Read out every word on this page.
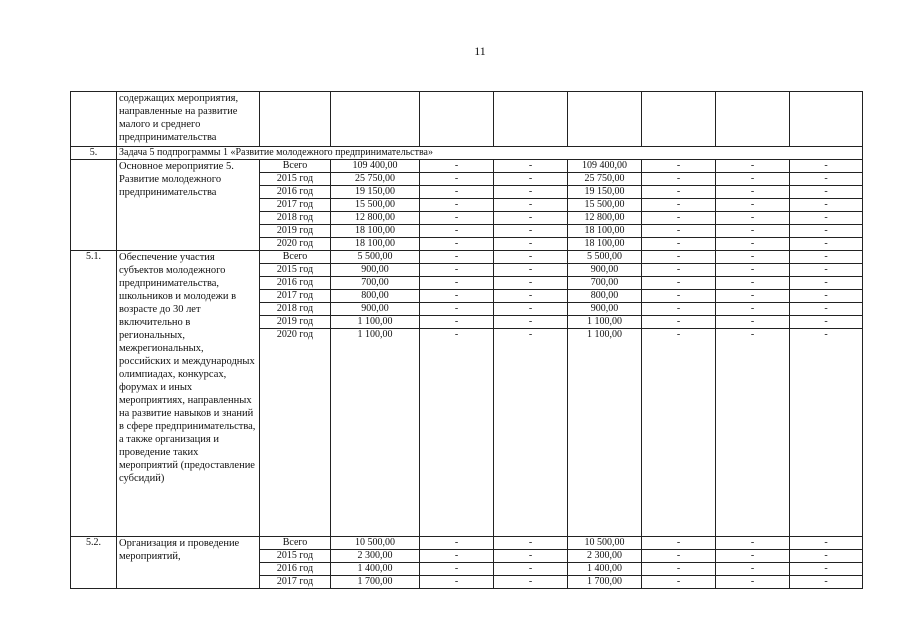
11
	содержащих мероприятия, направленные на развитие малого и среднего предпринимательства								
5.	Задача 5 подпрограммы 1 «Развитие молодежного предпринимательства»								
	Основное мероприятие 5. Развитие молодежного предпринимательства	Всего	109 400,00	-	-	109 400,00	-	-	-
		2015 год	25 750,00	-	-	25 750,00	-	-	-
		2016 год	19 150,00	-	-	19 150,00	-	-	-
		2017 год	15 500,00	-	-	15 500,00	-	-	-
		2018 год	12 800,00	-	-	12 800,00	-	-	-
		2019 год	18 100,00	-	-	18 100,00	-	-	-
		2020 год	18 100,00	-	-	18 100,00	-	-	-
5.1.	Обеспечение участия субъектов молодежного предпринимательства, школьников и молодежи в возрасте до 30 лет включительно в региональных, межрегиональных, российских и международных олимпиадах, конкурсах, форумах и иных мероприятиях, направленных на развитие навыков и знаний в сфере предпринимательства, а также организация и проведение таких мероприятий (предоставление субсидий)	Всего	5 500,00	-	-	5 500,00	-	-	-
		2015 год	900,00	-	-	900,00	-	-	-
		2016 год	700,00	-	-	700,00	-	-	-
		2017 год	800,00	-	-	800,00	-	-	-
		2018 год	900,00	-	-	900,00	-	-	-
		2019 год	1 100,00	-	-	1 100,00	-	-	-
		2020 год	1 100,00	-	-	1 100,00	-	-	-
5.2.	Организация и проведение мероприятий,	Всего	10 500,00	-	-	10 500,00	-	-	-
		2015 год	2 300,00	-	-	2 300,00	-	-	-
		2016 год	1 400,00	-	-	1 400,00	-	-	-
		2017 год	1 700,00	-	-	1 700,00	-	-	-
